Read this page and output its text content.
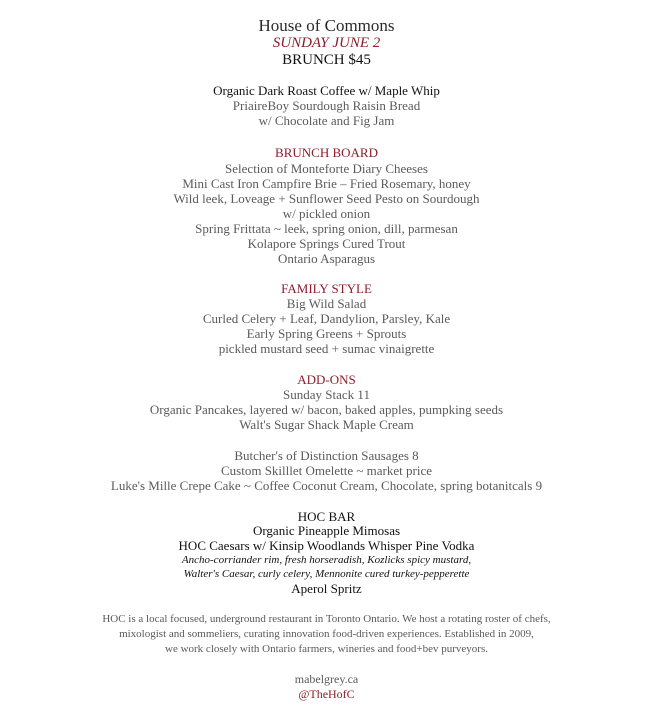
House of Commons
SUNDAY JUNE 2
BRUNCH $45
Organic Dark Roast Coffee w/ Maple Whip
PriaireBoy Sourdough Raisin Bread
w/ Chocolate and Fig Jam
BRUNCH BOARD
Selection of Monteforte Diary Cheeses
Mini Cast Iron Campfire Brie – Fried Rosemary, honey
Wild leek, Loveage + Sunflower Seed Pesto on Sourdough
w/ pickled onion
Spring Frittata ~ leek, spring onion, dill, parmesan
Kolapore Springs Cured Trout
Ontario Asparagus
FAMILY STYLE
Big Wild Salad
Curled Celery + Leaf, Dandylion, Parsley, Kale
Early Spring Greens + Sprouts
pickled mustard seed + sumac vinaigrette
ADD-ONS
Sunday Stack 11
Organic Pancakes, layered w/ bacon, baked apples, pumpking seeds
Walt's Sugar Shack Maple Cream
Butcher's of Distinction Sausages 8
Custom Skilllet Omelette ~ market price
Luke's Mille Crepe Cake ~ Coffee Coconut Cream, Chocolate, spring botanitcals 9
HOC BAR
Organic Pineapple Mimosas
HOC Caesars w/ Kinsip Woodlands Whisper Pine Vodka
Ancho-corriander rim, fresh horseradish, Kozlicks spicy mustard,
Walter's Caesar, curly celery, Mennonite cured turkey-pepperette
Aperol Spritz
HOC is a local focused, underground restaurant in Toronto Ontario. We host a rotating roster of chefs,
mixologist and sommeliers, curating innovation food-driven experiences. Established in 2009,
we work closely with Ontario farmers, wineries and food+bev purveyors.
mabelgrey.ca
@TheHofC
